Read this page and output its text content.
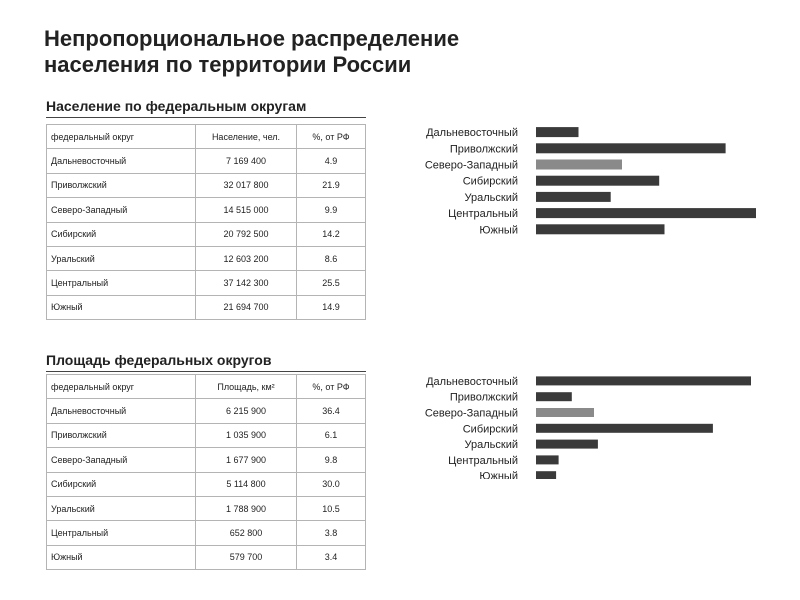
Непропорциональное распределение
населения по территории России
Население по федеральным округам
федеральный округ	Население, чел.	%, от РФ
Дальневосточный	7 169 400	4.9
Приволжский	32 017 800	21.9
Северо-Западный	14 515 000	9.9
Сибирский	20 792 500	14.2
Уральский	12 603 200	8.6
Центральный	37 142 300	25.5
Южный	21 694 700	14.9
Дальневосточный
Приволжский
Северо-Западный
Сибирский
Уральский
Центральный
Южный
Площадь федеральных округов
федеральный округ	Площадь, км²	%, от РФ
Дальневосточный	6 215 900	36.4
Приволжский	1 035 900	6.1
Северо-Западный	1 677 900	9.8
Сибирский	5 114 800	30.0
Уральский	1 788 900	10.5
Центральный	652 800	3.8
Южный	579 700	3.4
Дальневосточный
Приволжский
Северо-Западный
Сибирский
Уральский
Центральный
Южный
